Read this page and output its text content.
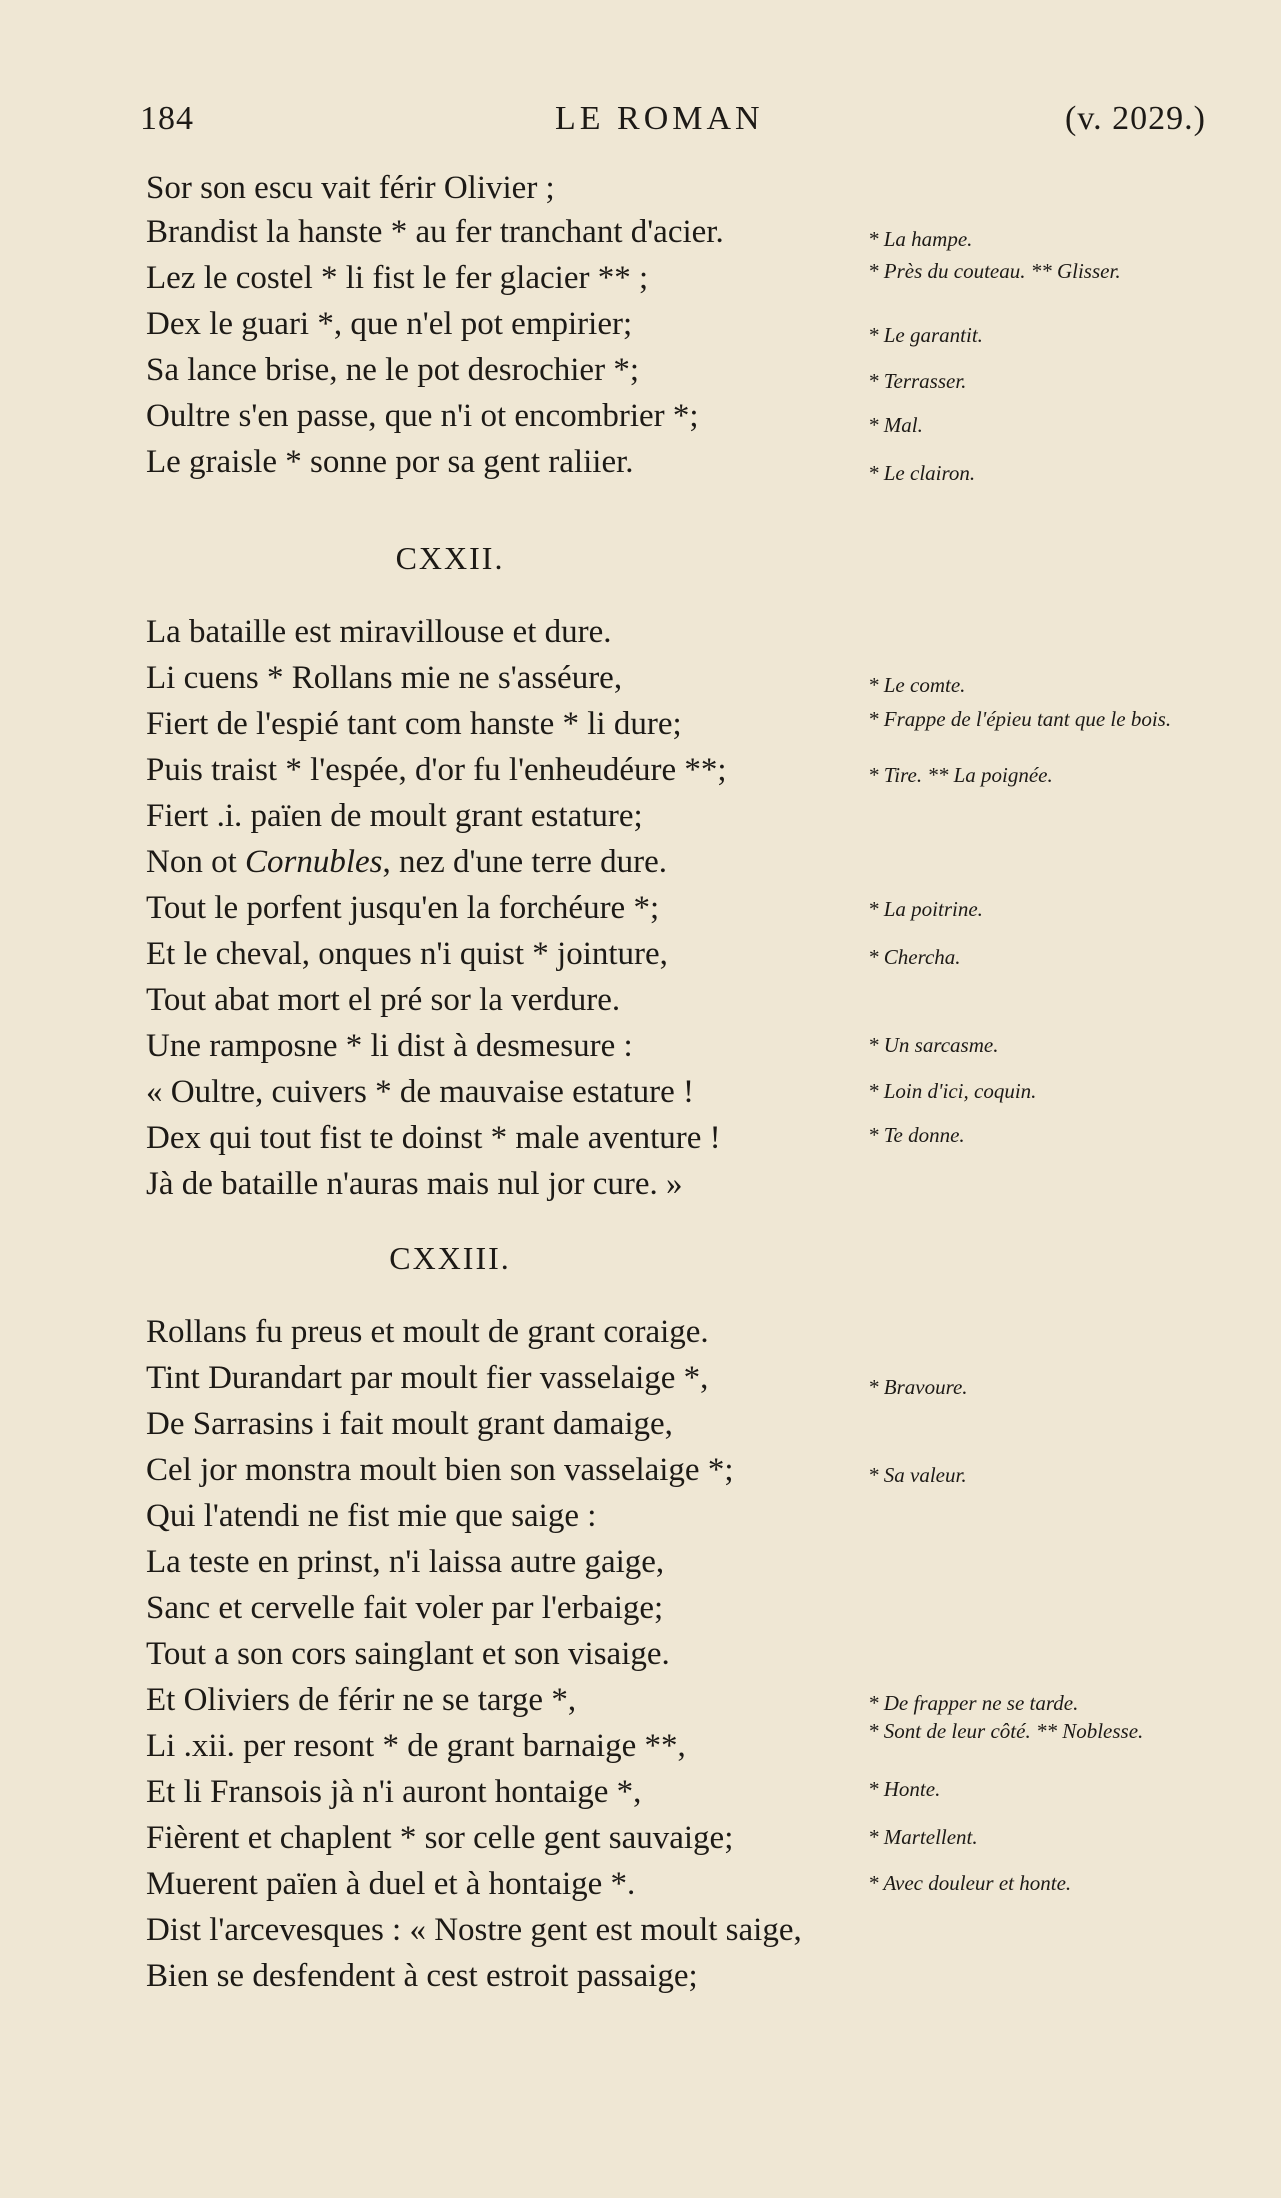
184	LE ROMAN	(v. 2029.)
Sor son escu vait férir Olivier ;
Brandist la hanste * au fer tranchant d'acier.
Lez le costel * li fist le fer glacier ** ;
Dex le guari *, que n'el pot empirier;
Sa lance brise, ne le pot desrochier *;
Oultre s'en passe, que n'i ot encombrier *;
Le graisle * sonne por sa gent raliier.
* La hampe.
* Près du couteau. ** Glisser.
* Le garantit.
* Terrasser.
* Mal.
* Le clairon.
CXXII.
La bataille est miravillouse et dure.
Li cuens * Rollans mie ne s'asséure,
Fiert de l'espié tant com hanste * li dure;
Puis traist * l'espée, d'or fu l'enheudéure **;
Fiert .i. païen de moult grant estature;
Non ot Cornubles, nez d'une terre dure.
Tout le porfent jusqu'en la forchéure *;
Et le cheval, onques n'i quist * jointure,
Tout abat mort el pré sor la verdure.
Une ramposne * li dist à desmesure :
« Oultre, cuivers * de mauvaise estature !
Dex qui tout fist te doinst * male aventure !
Jà de bataille n'auras mais nul jor cure. »
* Le comte.
* Frappe de l'épieu tant que le bois.
* Tire. ** La poignée.
* La poitrine.
* Chercha.
* Un sarcasme.
* Loin d'ici, coquin.
* Te donne.
CXXIII.
Rollans fu preus et moult de grant coraige.
Tint Durandart par moult fier vasselaige *,
De Sarrasins i fait moult grant damaige,
Cel jor monstra moult bien son vasselaige *;
Qui l'atendi ne fist mie que saige :
La teste en prinst, n'i laissa autre gaige,
Sanc et cervelle fait voler par l'erbaige;
Tout a son cors sainglant et son visaige.
Et Oliviers de férir ne se targe *,
Li .xii. per resont * de grant barnaige **,
Et li Fransois jà n'i auront hontaige *,
Fièrent et chaplent * sor celle gent sauvaige;
Muerent païen à duel et à hontaige *.
Dist l'arcevesques : « Nostre gent est moult saige,
Bien se desfendent à cest estroit passaige;
* Bravoure.
* Sa valeur.
* De frapper ne se tarde.
* Sont de leur côté. ** Noblesse.
* Honte.
* Martellent.
* Avec douleur et honte.
